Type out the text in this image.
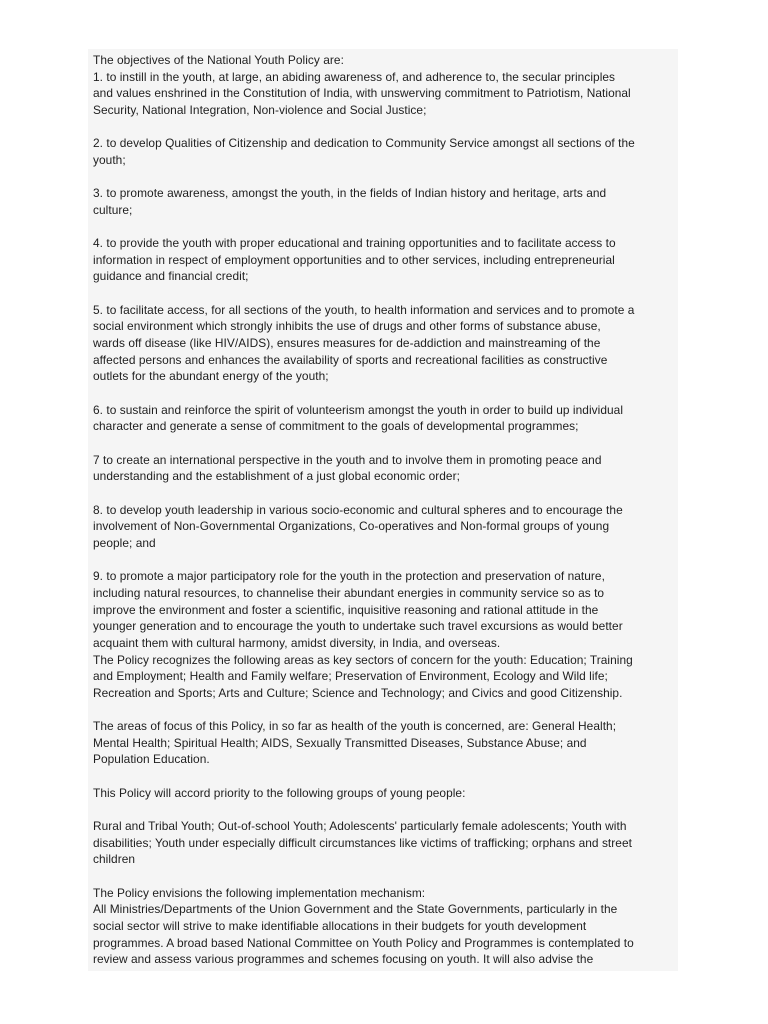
The objectives of the National Youth Policy are:
1. to instill in the youth, at large, an abiding awareness of, and adherence to, the secular principles
and values enshrined in the Constitution of India, with unswerving commitment to Patriotism, National
Security, National Integration, Non-violence and Social Justice;

2. to develop Qualities of Citizenship and dedication to Community Service amongst all sections of the
youth;

3. to promote awareness, amongst the youth, in the fields of Indian history and heritage, arts and
culture;

4. to provide the youth with proper educational and training opportunities and to facilitate access to
information in respect of employment opportunities and to other services, including entrepreneurial
guidance and financial credit;

5. to facilitate access, for all sections of the youth, to health information and services and to promote a
social environment which strongly inhibits the use of drugs and other forms of substance abuse,
wards off disease (like HIV/AIDS), ensures measures for de-addiction and mainstreaming of the
affected persons and enhances the availability of sports and recreational facilities as constructive
outlets for the abundant energy of the youth;

6. to sustain and reinforce the spirit of volunteerism amongst the youth in order to build up individual
character and generate a sense of commitment to the goals of developmental programmes;

7 to create an international perspective in the youth and to involve them in promoting peace and
understanding and the establishment of a just global economic order;

8. to develop youth leadership in various socio-economic and cultural spheres and to encourage the
involvement of Non-Governmental Organizations, Co-operatives and Non-formal groups of young
people; and

9. to promote a major participatory role for the youth in the protection and preservation of nature,
including natural resources, to channelise their abundant energies in community service so as to
improve the environment and foster a scientific, inquisitive reasoning and rational attitude in the
younger generation and to encourage the youth to undertake such travel excursions as would better
acquaint them with cultural harmony, amidst diversity, in India, and overseas.
The Policy recognizes the following areas as key sectors of concern for the youth: Education; Training
and Employment; Health and Family welfare; Preservation of Environment, Ecology and Wild life;
Recreation and Sports; Arts and Culture; Science and Technology; and Civics and good Citizenship.

The areas of focus of this Policy, in so far as health of the youth is concerned, are: General Health;
Mental Health; Spiritual Health; AIDS, Sexually Transmitted Diseases, Substance Abuse; and
Population Education.

This Policy will accord priority to the following groups of young people:

Rural and Tribal Youth; Out-of-school Youth; Adolescents' particularly female adolescents; Youth with
disabilities; Youth under especially difficult circumstances like victims of trafficking; orphans and street
children

The Policy envisions the following implementation mechanism:
All Ministries/Departments of the Union Government and the State Governments, particularly in the
social sector will strive to make identifiable allocations in their budgets for youth development
programmes. A broad based National Committee on Youth Policy and Programmes is contemplated to
review and assess various programmes and schemes focusing on youth. It will also advise the
